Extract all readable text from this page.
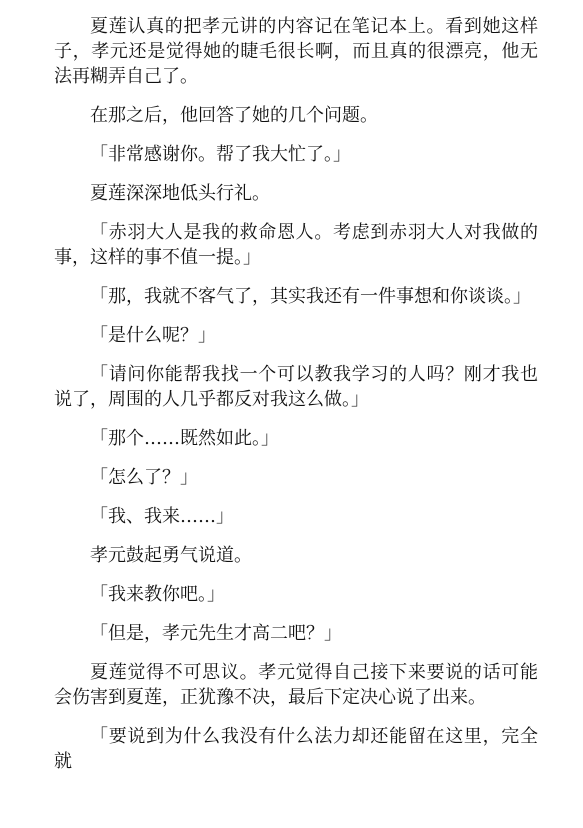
夏莲认真的把孝元讲的内容记在笔记本上。看到她这样子，孝元还是觉得她的睫毛很长啊，而且真的很漂亮，他无法再糊弄自己了。

在那之后，他回答了她的几个问题。

「非常感谢你。帮了我大忙了。」

夏莲深深地低头行礼。

「赤羽大人是我的救命恩人。考虑到赤羽大人对我做的事，这样的事不值一提。」

「那，我就不客气了，其实我还有一件事想和你谈谈。」

「是什么呢？」

「请问你能帮我找一个可以教我学习的人吗？刚才我也说了，周围的人几乎都反对我这么做。」

「那个……既然如此。」

「怎么了？」

「我、我来……」

孝元鼓起勇气说道。

「我来教你吧。」

「但是，孝元先生才高二吧？」

夏莲觉得不可思议。孝元觉得自己接下来要说的话可能会伤害到夏莲，正犹豫不决，最后下定决心说了出来。

「要说到为什么我没有什么法力却还能留在这里，完全就
